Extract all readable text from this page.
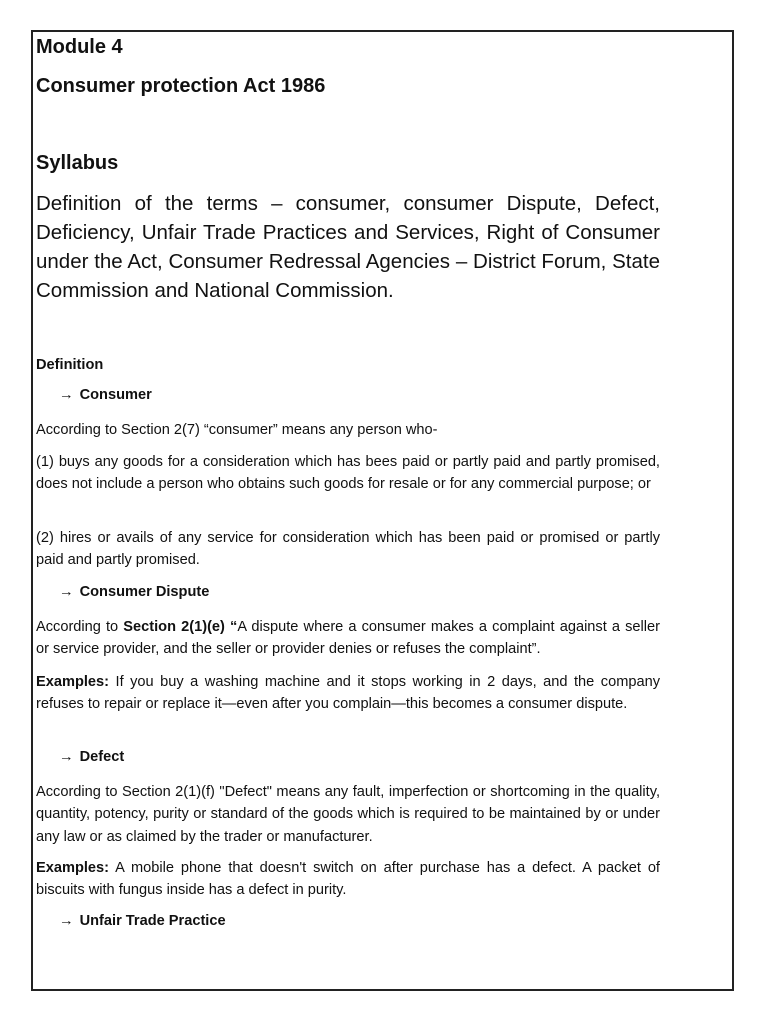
Module 4
Consumer protection Act 1986
Syllabus
Definition of the terms – consumer, consumer Dispute, Defect, Deficiency, Unfair Trade Practices and Services, Right of Consumer under the Act, Consumer Redressal Agencies – District Forum, State Commission and National Commission.
Definition
→ Consumer
According to Section 2(7) “consumer” means any person who-
(1) buys any goods for a consideration which has bees paid or partly paid and partly promised, does not include a person who obtains such goods for resale or for any commercial purpose; or
(2) hires or avails of any service for consideration which has been paid or promised or partly paid and partly promised.
→ Consumer Dispute
According to Section 2(1)(e) “A dispute where a consumer makes a complaint against a seller or service provider, and the seller or provider denies or refuses the complaint”.
Examples: If you buy a washing machine and it stops working in 2 days, and the company refuses to repair or replace it—even after you complain—this becomes a consumer dispute.
→ Defect
According to Section 2(1)(f) "Defect" means any fault, imperfection or shortcoming in the quality, quantity, potency, purity or standard of the goods which is required to be maintained by or under any law or as claimed by the trader or manufacturer.
Examples: A mobile phone that doesn't switch on after purchase has a defect. A packet of biscuits with fungus inside has a defect in purity.
→ Unfair Trade Practice
